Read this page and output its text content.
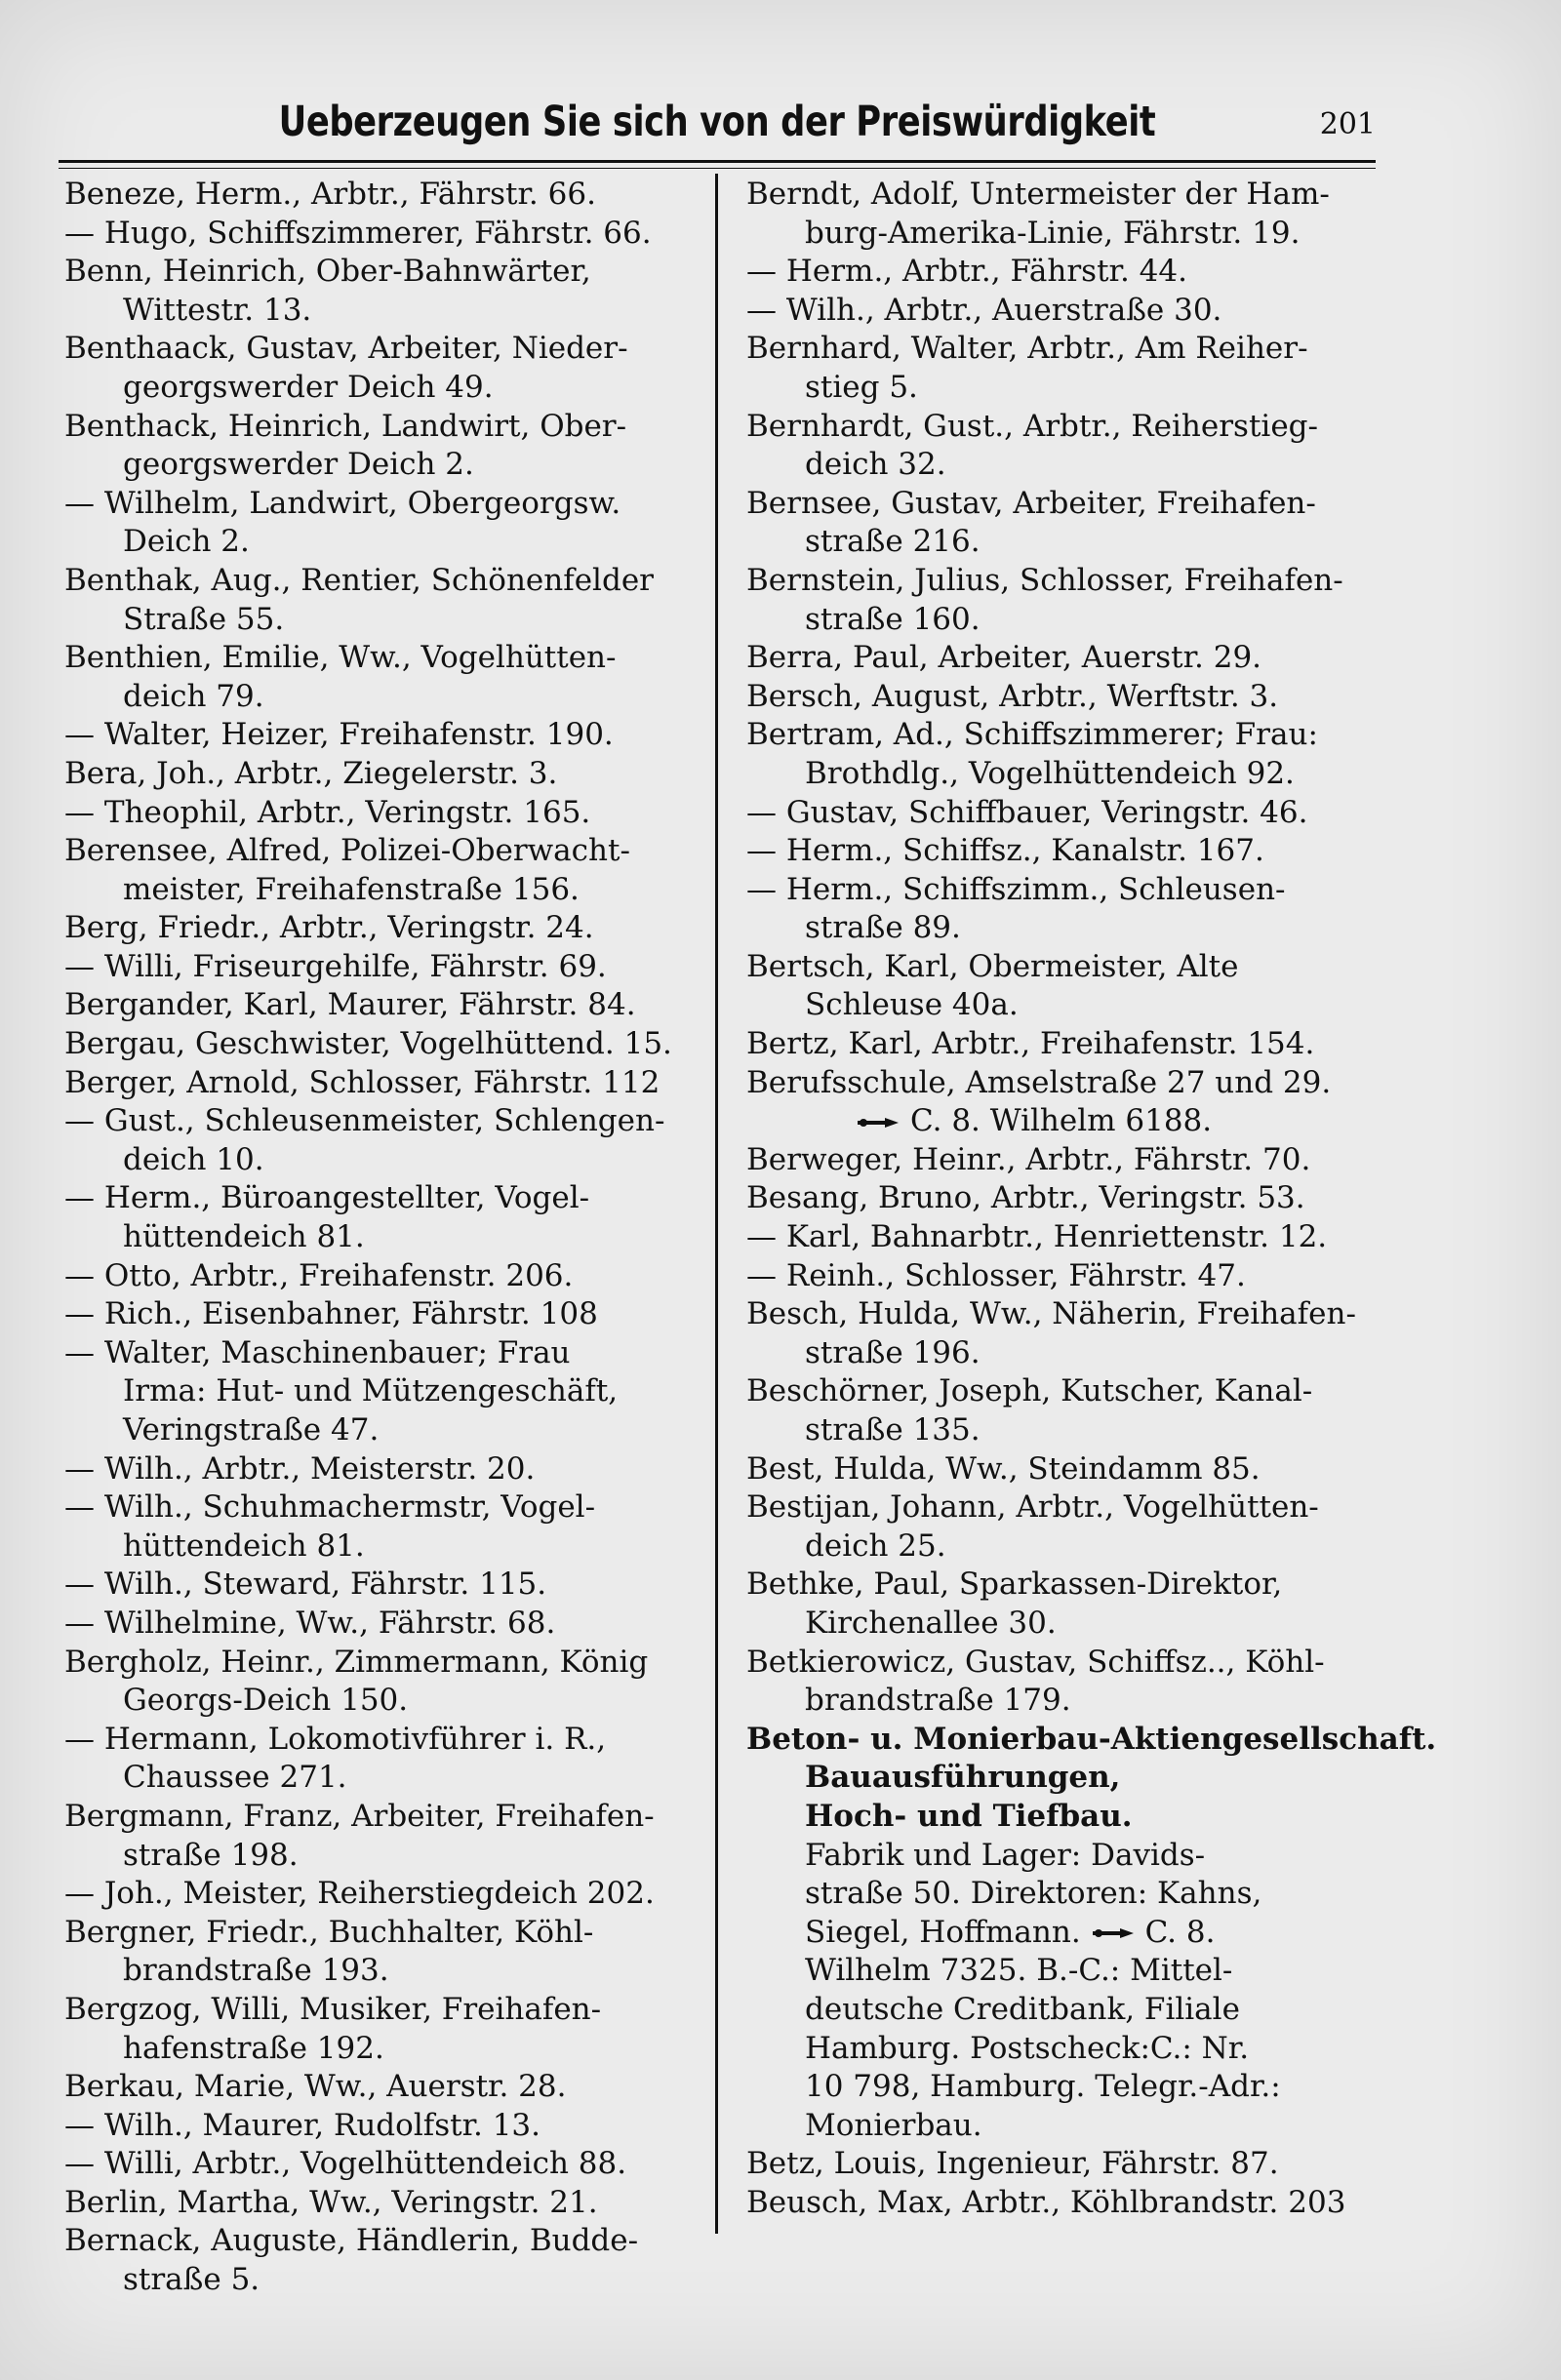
Ueberzeugen Sie sich von der Preiswürdigkeit	201
Beneze, Herm., Arbtr., Fährstr. 66.
— Hugo, Schiffszimmerer, Fährstr. 66.
Benn, Heinrich, Ober-Bahnwärter,
Wittestr. 13.
Benthaack, Gustav, Arbeiter, Nieder-
georgswerder Deich 49.
Benthack, Heinrich, Landwirt, Ober-
georgswerder Deich 2.
— Wilhelm, Landwirt, Obergeorgsw.
Deich 2.
Benthak, Aug., Rentier, Schönenfelder
Straße 55.
Benthien, Emilie, Ww., Vogelhütten-
deich 79.
— Walter, Heizer, Freihafenstr. 190.
Bera, Joh., Arbtr., Ziegelerstr. 3.
— Theophil, Arbtr., Veringstr. 165.
Berensee, Alfred, Polizei-Oberwacht-
meister, Freihafenstraße 156.
Berg, Friedr., Arbtr., Veringstr. 24.
— Willi, Friseurgehilfe, Fährstr. 69.
Bergander, Karl, Maurer, Fährstr. 84.
Bergau, Geschwister, Vogelhüttend. 15.
Berger, Arnold, Schlosser, Fährstr. 112
— Gust., Schleusenmeister, Schlengen-
deich 10.
— Herm., Büroangestellter, Vogel-
hüttendeich 81.
— Otto, Arbtr., Freihafenstr. 206.
— Rich., Eisenbahner, Fährstr. 108
— Walter, Maschinenbauer; Frau
Irma: Hut- und Mützengeschäft,
Veringstraße 47.
— Wilh., Arbtr., Meisterstr. 20.
— Wilh., Schuhmachermstr, Vogel-
hüttendeich 81.
— Wilh., Steward, Fährstr. 115.
— Wilhelmine, Ww., Fährstr. 68.
Bergholz, Heinr., Zimmermann, König
Georgs-Deich 150.
— Hermann, Lokomotivführer i. R.,
Chaussee 271.
Bergmann, Franz, Arbeiter, Freihafen-
straße 198.
— Joh., Meister, Reiherstiegdeich 202.
Bergner, Friedr., Buchhalter, Köhl-
brandstraße 193.
Bergzog, Willi, Musiker, Freihafen-
hafenstraße 192.
Berkau, Marie, Ww., Auerstr. 28.
— Wilh., Maurer, Rudolfstr. 13.
— Willi, Arbtr., Vogelhüttendeich 88.
Berlin, Martha, Ww., Veringstr. 21.
Bernack, Auguste, Händlerin, Budde-
straße 5.
Berndt, Adolf, Untermeister der Ham-
burg-Amerika-Linie, Fährstr. 19.
— Herm., Arbtr., Fährstr. 44.
— Wilh., Arbtr., Auerstraße 30.
Bernhard, Walter, Arbtr., Am Reiher-
stieg 5.
Bernhardt, Gust., Arbtr., Reiherstieg-
deich 32.
Bernsee, Gustav, Arbeiter, Freihafen-
straße 216.
Bernstein, Julius, Schlosser, Freihafen-
straße 160.
Berra, Paul, Arbeiter, Auerstr. 29.
Bersch, August, Arbtr., Werftstr. 3.
Bertram, Ad., Schiffszimmerer; Frau:
Brothdlg., Vogelhüttendeich 92.
— Gustav, Schiffbauer, Veringstr. 46.
— Herm., Schiffsz., Kanalstr. 167.
— Herm., Schiffszimm., Schleusen-
straße 89.
Bertsch, Karl, Obermeister, Alte
Schleuse 40a.
Bertz, Karl, Arbtr., Freihafenstr. 154.
Berufsschule, Amselstraße 27 und 29.
C. 8. Wilhelm 6188.
Berweger, Heinr., Arbtr., Fährstr. 70.
Besang, Bruno, Arbtr., Veringstr. 53.
— Karl, Bahnarbtr., Henriettenstr. 12.
— Reinh., Schlosser, Fährstr. 47.
Besch, Hulda, Ww., Näherin, Freihafen-
straße 196.
Beschörner, Joseph, Kutscher, Kanal-
straße 135.
Best, Hulda, Ww., Steindamm 85.
Bestijan, Johann, Arbtr., Vogelhütten-
deich 25.
Bethke, Paul, Sparkassen-Direktor,
Kirchenallee 30.
Betkierowicz, Gustav, Schiffsz.., Köhl-
brandstraße 179.
Beton- u. Monierbau-Aktiengesellschaft.
Bauausführungen,
Hoch- und Tiefbau.
Fabrik und Lager: Davids-
straße 50. Direktoren: Kahns,
Siegel, Hoffmann. C. 8.
Wilhelm 7325. B.-C.: Mittel-
deutsche Creditbank, Filiale
Hamburg. Postscheck:C.: Nr.
10 798, Hamburg. Telegr.-Adr.:
Monierbau.
Betz, Louis, Ingenieur, Fährstr. 87.
Beusch, Max, Arbtr., Köhlbrandstr. 203
